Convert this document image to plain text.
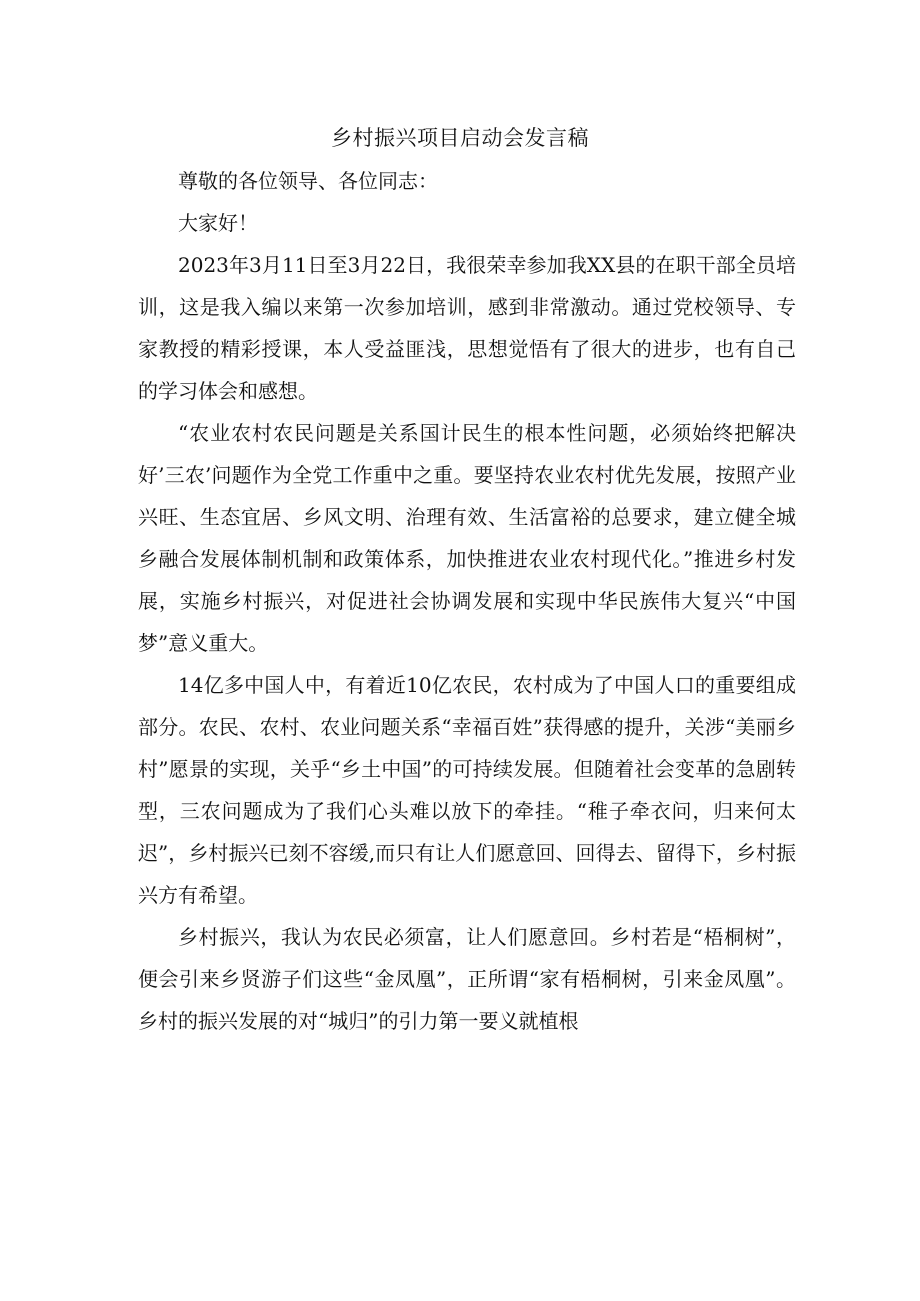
乡村振兴项目启动会发言稿

尊敬的各位领导、各位同志：

大家好！

2023年3月11日至3月22日，我很荣幸参加我XX县的在职干部全员培训，这是我入编以来第一次参加培训，感到非常激动。通过党校领导、专家教授的精彩授课，本人受益匪浅，思想觉悟有了很大的进步，也有自己的学习体会和感想。

“农业农村农民问题是关系国计民生的根本性问题，必须始终把解决好’三农’问题作为全党工作重中之重。要坚持农业农村优先发展，按照产业兴旺、生态宜居、乡风文明、治理有效、生活富裕的总要求，建立健全城乡融合发展体制机制和政策体系，加快推进农业农村现代化。”推进乡村发展，实施乡村振兴，对促进社会协调发展和实现中华民族伟大复兴“中国梦”意义重大。

14亿多中国人中，有着近10亿农民，农村成为了中国人口的重要组成部分。农民、农村、农业问题关系“幸福百姓”获得感的提升，关涉“美丽乡村”愿景的实现，关乎“乡土中国”的可持续发展。但随着社会变革的急剧转型，三农问题成为了我们心头难以放下的牵挂。“稚子牵衣问，归来何太迟”，乡村振兴已刻不容缓,而只有让人们愿意回、回得去、留得下，乡村振兴方有希望。

乡村振兴，我认为农民必须富，让人们愿意回。乡村若是“梧桐树”，便会引来乡贤游子们这些“金凤凰”，正所谓“家有梧桐树，引来金凤凰”。乡村的振兴发展的对“城归”的引力第一要义就植根
